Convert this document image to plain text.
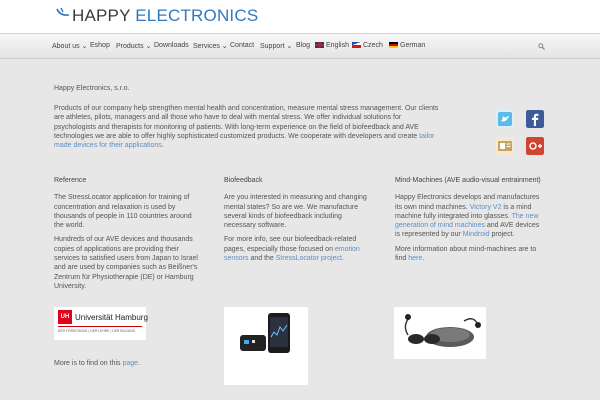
HAPPY ELECTRONICS
About us ⌄ Eshop Products ⌄ Downloads Services ⌄ Contact Support ⌄ Blog	English	Czech	German
Happy Electronics, s.r.o.
Products of our company help strengthen mental health and concentration, measure mental stress management. Our clients are athletes, pilots, managers and all those who have to deal with mental stress. We offer individual solutions for psychologists and therapists for monitoring of patients. With long-term experience on the field of biofeedback and AVE technologies we are able to offer highly sophisticated customized products. We cooperate with developers and create tailor made devices for their applications.
Reference

The StressLocator application for training of concentration and relaxation is used by thousands of people in 110 countries around the world.

Hundreds of our AVE devices and thousands copies of applications are providing their services to satisfied users from Japan to Israel and are used by companies such as Beißner's Zentrum für Physiotherapie (DE) or Hamburg University.

UH Universität Hamburg
DER FORSCHUNG | DER LEHRE | DER BILDUNG
More is to find on this page.
Biofeedback

Are you interested in measuring and changing mental states? So are we. We manufacture several kinds of biofeedback including necessary software.

For more info, see our biofeedback-related pages, especially those focused on emotion sensors and the StressLocator project.

Mind-Machines (AVE audio-visual entrainment)

Happy Electronics develops and manufactures its own mind machines. Victory V2 is a mind machine fully integrated into glasses. The new generation of mind machines and AVE devices is represented by our Mindroid project.

More information about mind-machines are to find here.
